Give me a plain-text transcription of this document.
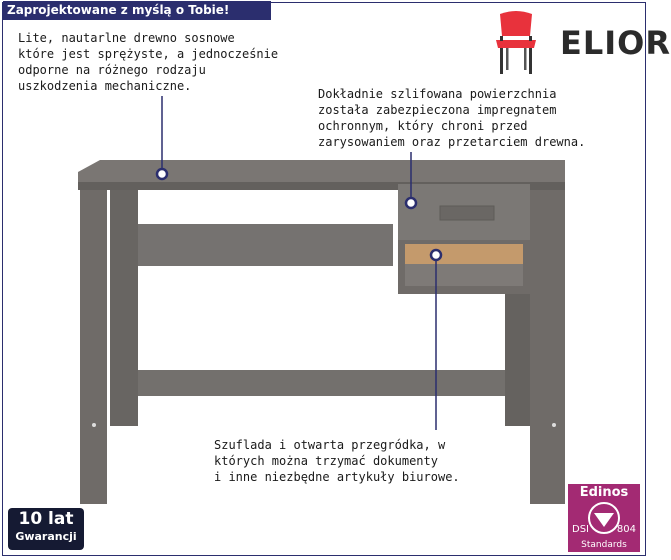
Zaprojektowane z myślą o Tobie!
ELIOR
Lite, nautarlne drewno sosnowe
które jest sprężyste, a jednocześnie
odporne na różnego rodzaju
uszkodzenia mechaniczne.
Dokładnie szlifowana powierzchnia
została zabezpieczona impregnatem
ochronnym, który chroni przed
zarysowaniem oraz przetarciem drewna.
Szuflada i otwarta przegródka, w
których można trzymać dokumenty
i inne niezbędne artykuły biurowe.
10 lat
Gwarancji
Edinos
DSI	804
Standards
